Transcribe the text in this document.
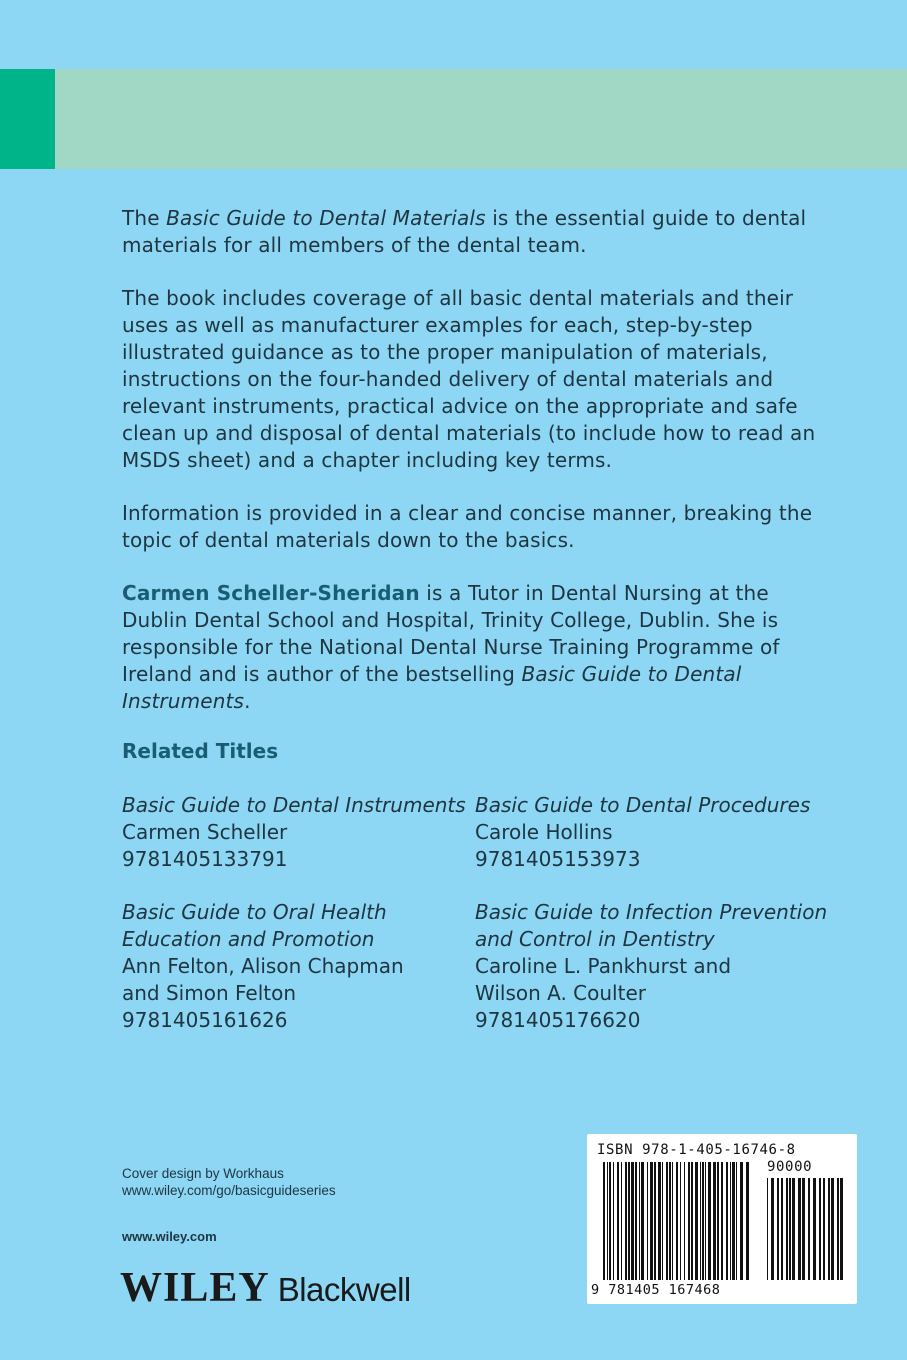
The Basic Guide to Dental Materials is the essential guide to dental materials for all members of the dental team.

The book includes coverage of all basic dental materials and their uses as well as manufacturer examples for each, step-by-step illustrated guidance as to the proper manipulation of materials, instructions on the four-handed delivery of dental materials and relevant instruments, practical advice on the appropriate and safe clean up and disposal of dental materials (to include how to read an MSDS sheet) and a chapter including key terms.

Information is provided in a clear and concise manner, breaking the topic of dental materials down to the basics.

Carmen Scheller-Sheridan is a Tutor in Dental Nursing at the Dublin Dental School and Hospital, Trinity College, Dublin. She is responsible for the National Dental Nurse Training Programme of Ireland and is author of the bestselling Basic Guide to Dental Instruments.

Related Titles
Basic Guide to Dental Instruments
Carmen Scheller
9781405133791
Basic Guide to Oral Health
Education and Promotion
Ann Felton, Alison Chapman
and Simon Felton
9781405161626
Basic Guide to Dental Procedures
Carole Hollins
9781405153973
Basic Guide to Infection Prevention
and Control in Dentistry
Caroline L. Pankhurst and
Wilson A. Coulter
9781405176620
Cover design by Workhaus
www.wiley.com/go/basicguideseries
www.wiley.com
WILEY Blackwell
ISBN 978-1-405-16746-8
90000
9 781405 167468
